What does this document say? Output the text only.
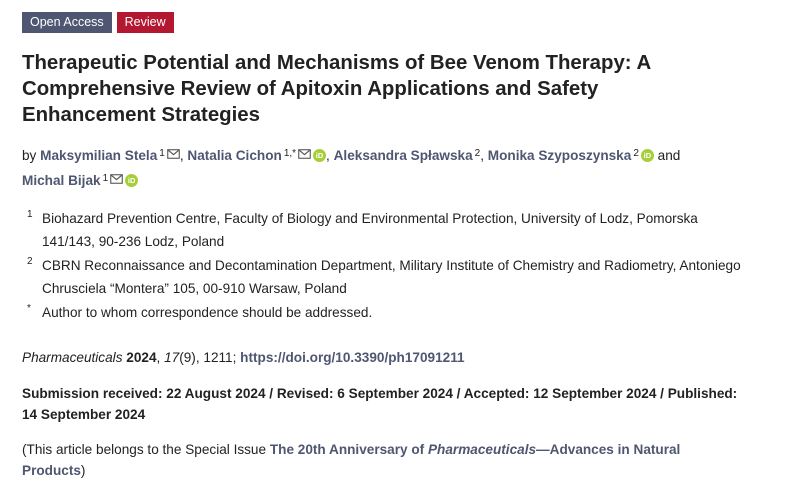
Open Access	Review
Therapeutic Potential and Mechanisms of Bee Venom Therapy: A Comprehensive Review of Apitoxin Applications and Safety Enhancement Strategies
by Maksymilian Stela $^1$ , Natalia Cichon $^{1,*}$	iD , Aleksandra Spławska $^2$, Monika Szyposzynska $^2$ iD and
Michal Bijak $^1$	iD
1 Biohazard Prevention Centre, Faculty of Biology and Environmental Protection, University of Lodz, Pomorska 141/143, 90-236 Lodz, Poland
2 CBRN Reconnaissance and Decontamination Department, Military Institute of Chemistry and Radiometry, Antoniego Chrusciela “Montera” 105, 00-910 Warsaw, Poland
* Author to whom correspondence should be addressed.
Pharmaceuticals 2024, 17(9), 1211; https://doi.org/10.3390/ph17091211
Submission received: 22 August 2024 / Revised: 6 September 2024 / Accepted: 12 September 2024 / Published: 14 September 2024
(This article belongs to the Special Issue The 20th Anniversary of Pharmaceuticals—Advances in Natural Products)
